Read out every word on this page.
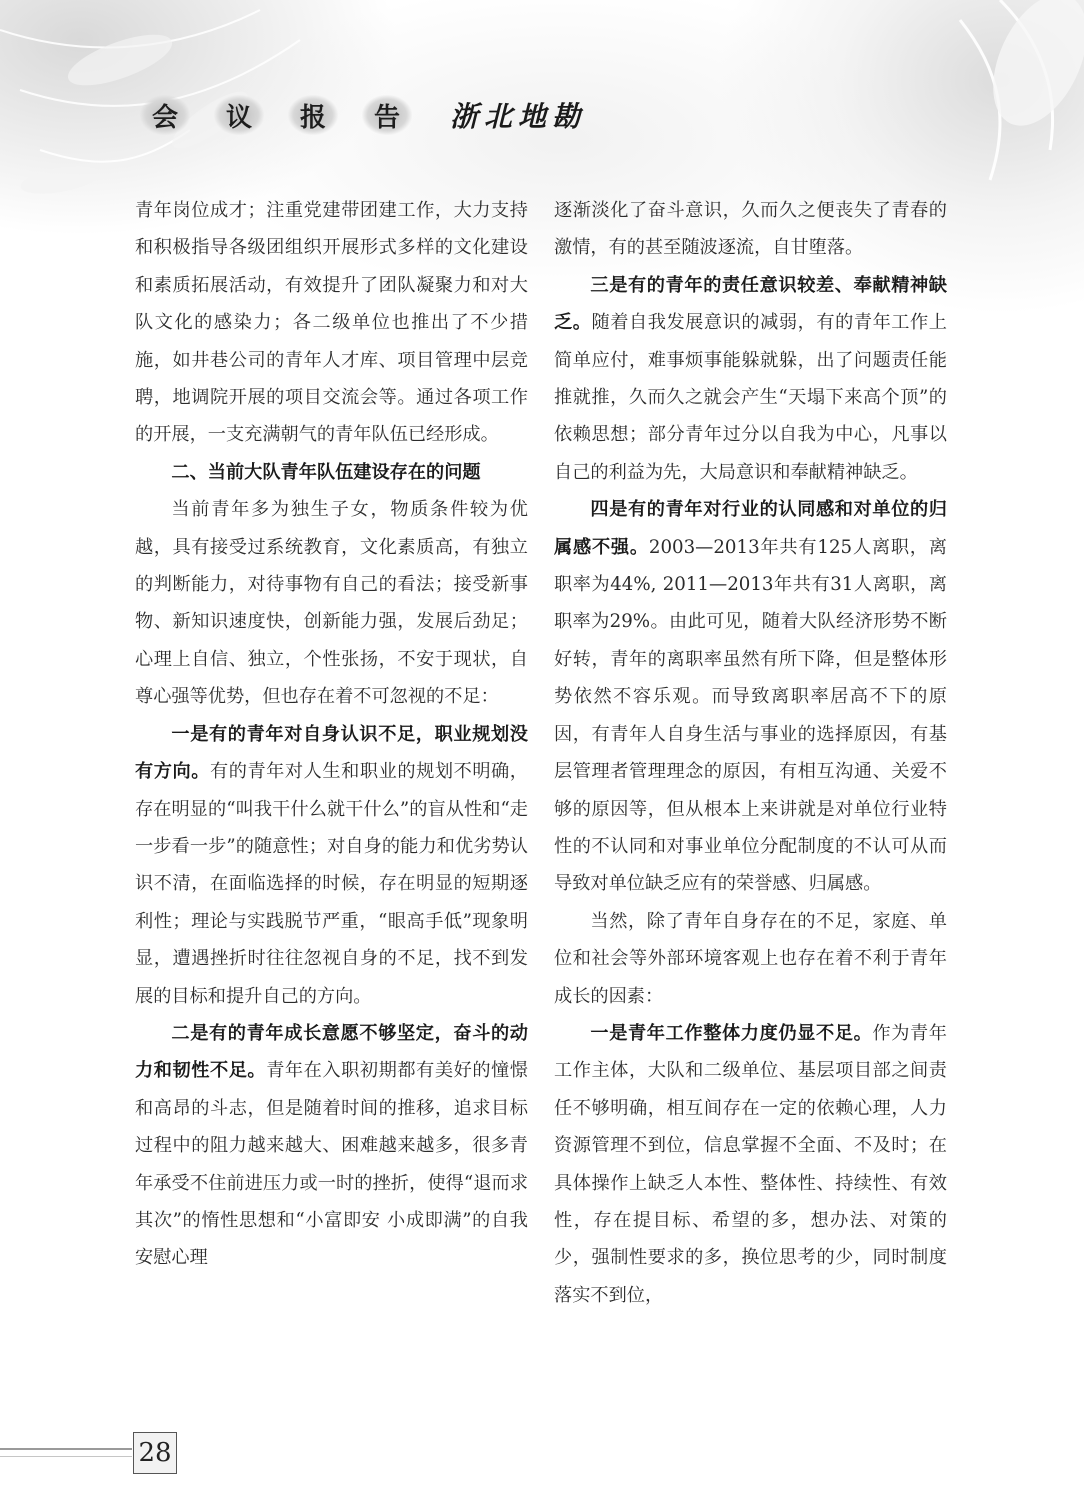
会	议	报	告	浙北地勘

青年岗位成才；注重党建带团建工作，大力支持和积极指导各级团组织开展形式多样的文化建设和素质拓展活动，有效提升了团队凝聚力和对大队文化的感染力；各二级单位也推出了不少措施，如井巷公司的青年人才库、项目管理中层竞聘，地调院开展的项目交流会等。通过各项工作的开展，一支充满朝气的青年队伍已经形成。

二、当前大队青年队伍建设存在的问题

当前青年多为独生子女，物质条件较为优越，具有接受过系统教育，文化素质高，有独立的判断能力，对待事物有自己的看法；接受新事物、新知识速度快，创新能力强，发展后劲足；心理上自信、独立，个性张扬，不安于现状，自尊心强等优势，但也存在着不可忽视的不足：

一是有的青年对自身认识不足，职业规划没有方向。有的青年对人生和职业的规划不明确，存在明显的“叫我干什么就干什么”的盲从性和“走一步看一步”的随意性；对自身的能力和优劣势认识不清，在面临选择的时候，存在明显的短期逐利性；理论与实践脱节严重，“眼高手低”现象明显，遭遇挫折时往往忽视自身的不足，找不到发展的目标和提升自己的方向。

二是有的青年成长意愿不够坚定，奋斗的动力和韧性不足。青年在入职初期都有美好的憧憬和高昂的斗志，但是随着时间的推移，追求目标过程中的阻力越来越大、困难越来越多，很多青年承受不住前进压力或一时的挫折，使得“退而求其次”的惰性思想和“小富即安 小成即满”的自我安慰心理

逐渐淡化了奋斗意识，久而久之便丧失了青春的激情，有的甚至随波逐流，自甘堕落。

三是有的青年的责任意识较差、奉献精神缺乏。随着自我发展意识的减弱，有的青年工作上简单应付，难事烦事能躲就躲，出了问题责任能推就推，久而久之就会产生“天塌下来高个顶”的依赖思想；部分青年过分以自我为中心，凡事以自己的利益为先，大局意识和奉献精神缺乏。

四是有的青年对行业的认同感和对单位的归属感不强。2003—2013年共有125人离职，离职率为44%, 2011—2013年共有31人离职，离职率为29%。由此可见，随着大队经济形势不断好转，青年的离职率虽然有所下降，但是整体形势依然不容乐观。而导致离职率居高不下的原因，有青年人自身生活与事业的选择原因，有基层管理者管理理念的原因，有相互沟通、关爱不够的原因等，但从根本上来讲就是对单位行业特性的不认同和对事业单位分配制度的不认可从而导致对单位缺乏应有的荣誉感、归属感。

当然，除了青年自身存在的不足，家庭、单位和社会等外部环境客观上也存在着不利于青年成长的因素：

一是青年工作整体力度仍显不足。作为青年工作主体，大队和二级单位、基层项目部之间责任不够明确，相互间存在一定的依赖心理，人力资源管理不到位，信息掌握不全面、不及时；在具体操作上缺乏人本性、整体性、持续性、有效性，存在提目标、希望的多，想办法、对策的少，强制性要求的多，换位思考的少，同时制度落实不到位，

28
